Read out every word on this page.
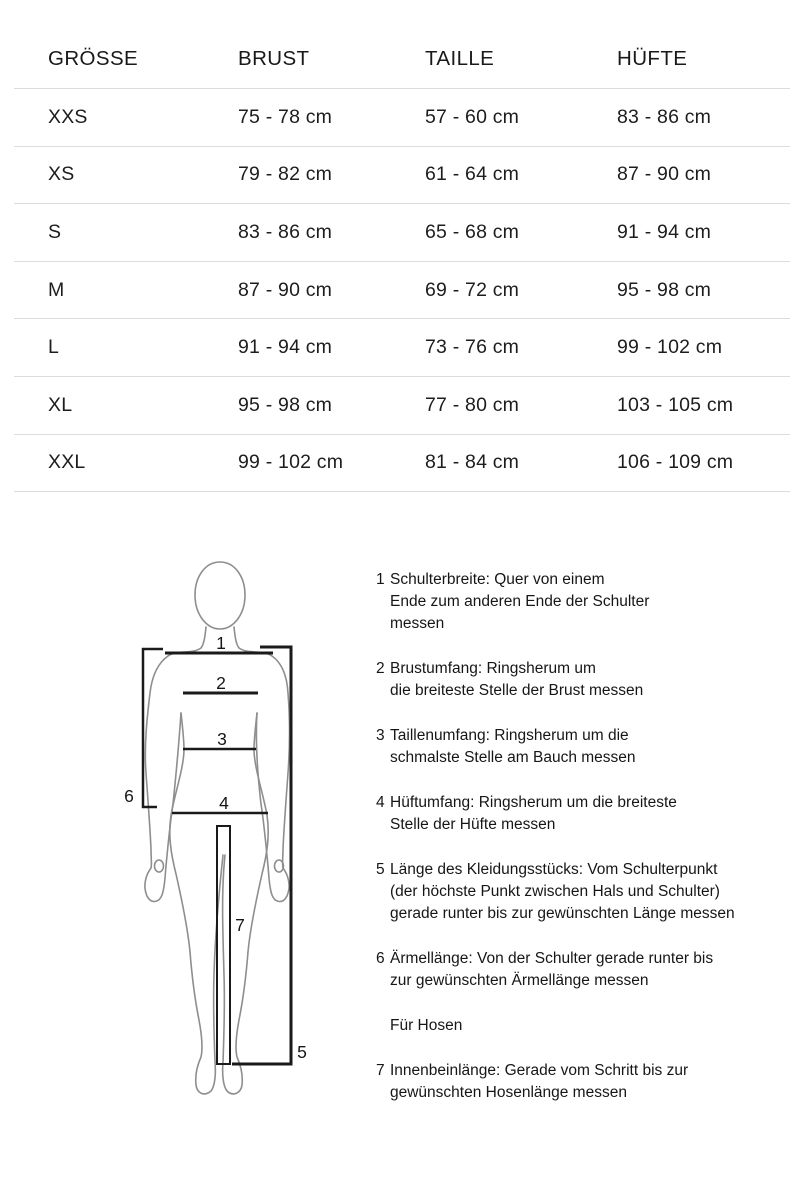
GRÖSSE	BRUST	TAILLE	HÜFTE
XXS	75 - 78 cm	57 - 60 cm	83 - 86 cm
XS	79 - 82 cm	61 - 64 cm	87 - 90 cm
S	83 - 86 cm	65 - 68 cm	91 - 94 cm
M	87 - 90 cm	69 - 72 cm	95 - 98 cm
L	91 - 94 cm	73 - 76 cm	99 - 102 cm
XL	95 - 98 cm	77 - 80 cm	103 - 105 cm
XXL	99 - 102 cm	81 - 84 cm	106 - 109 cm
1
2
3
4
5
6
7
1 Schulterbreite: Quer von einem
Ende zum anderen Ende der Schulter
messen
2 Brustumfang: Ringsherum um
die breiteste Stelle der Brust messen
3 Taillenumfang: Ringsherum um die
schmalste Stelle am Bauch messen
4 Hüftumfang: Ringsherum um die breiteste
Stelle der Hüfte messen
5 Länge des Kleidungsstücks: Vom Schulterpunkt
(der höchste Punkt zwischen Hals und Schulter)
gerade runter bis zur gewünschten Länge messen
6 Ärmellänge: Von der Schulter gerade runter bis
zur gewünschten Ärmellänge messen
Für Hosen
7 Innenbeinlänge: Gerade vom Schritt bis zur
gewünschten Hosenlänge messen
